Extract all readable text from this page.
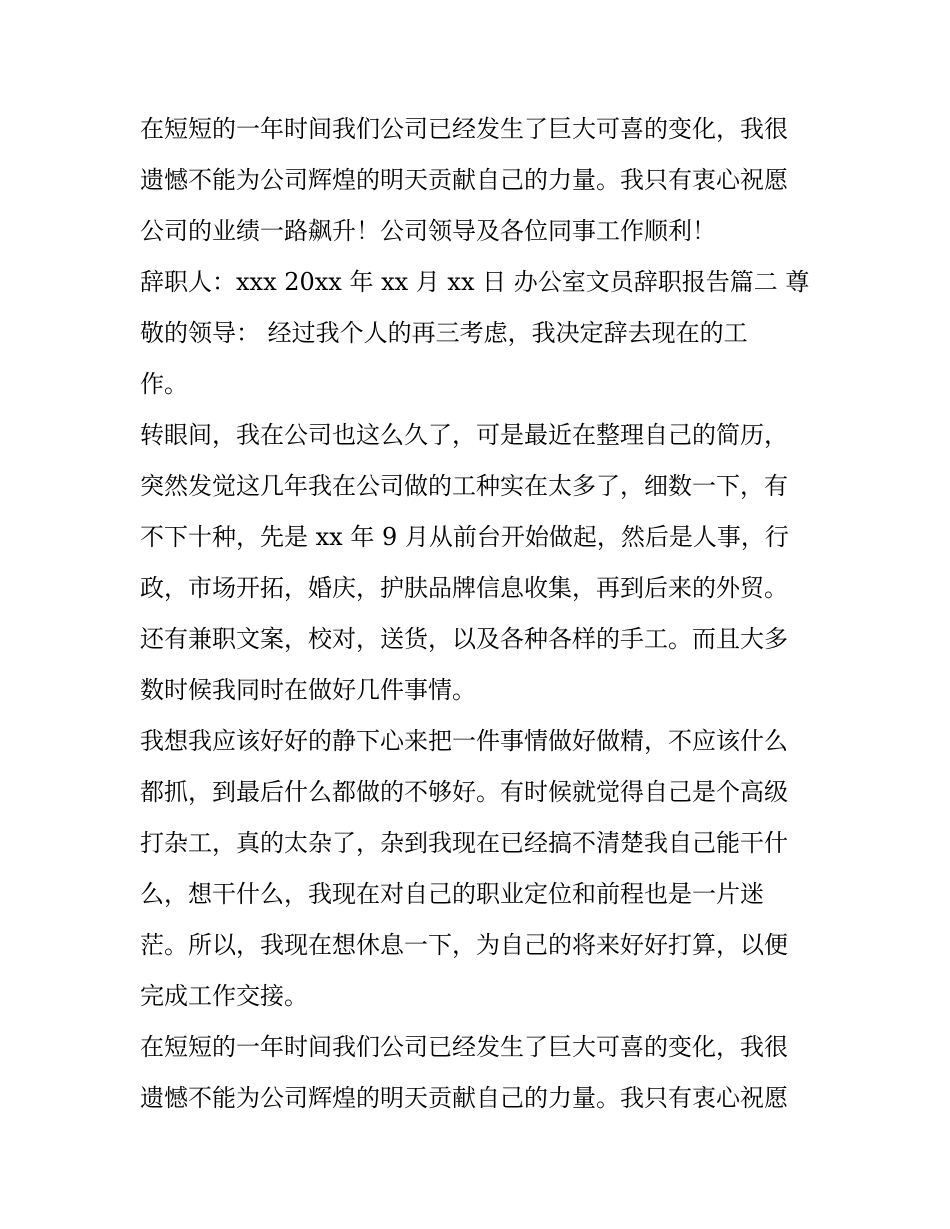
在短短的一年时间我们公司已经发生了巨大可喜的变化，我很
遗憾不能为公司辉煌的明天贡献自己的力量。我只有衷心祝愿
公司的业绩一路飙升！公司领导及各位同事工作顺利！
辞职人：xxx 20xx 年 xx 月 xx 日 办公室文员辞职报告篇二 尊
敬的领导： 经过我个人的再三考虑，我决定辞去现在的工
作。
转眼间，我在公司也这么久了，可是最近在整理自己的简历，
突然发觉这几年我在公司做的工种实在太多了，细数一下，有
不下十种，先是 xx 年 9 月从前台开始做起，然后是人事，行
政，市场开拓，婚庆，护肤品牌信息收集，再到后来的外贸。
还有兼职文案，校对，送货，以及各种各样的手工。而且大多
数时候我同时在做好几件事情。
我想我应该好好的静下心来把一件事情做好做精，不应该什么
都抓，到最后什么都做的不够好。有时候就觉得自己是个高级
打杂工，真的太杂了，杂到我现在已经搞不清楚我自己能干什
么，想干什么，我现在对自己的职业定位和前程也是一片迷
茫。所以，我现在想休息一下，为自己的将来好好打算，以便
完成工作交接。
在短短的一年时间我们公司已经发生了巨大可喜的变化，我很
遗憾不能为公司辉煌的明天贡献自己的力量。我只有衷心祝愿
